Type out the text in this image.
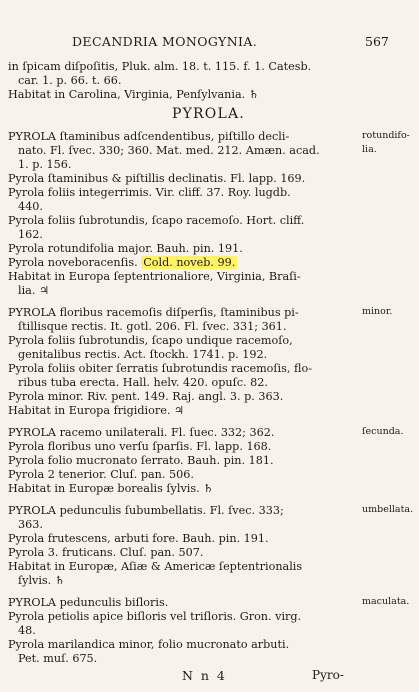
DECANDRIA MONOGYNIA.	567
in ſpicam diſpoſitis, Pluk. alm. 18. t. 115. f. 1. Catesb.
car. 1. p. 66. t. 66.
Habitat in Carolina, Virginia, Penſylvania. ♄
PYROLA.
PYROLA ſtaminibus adſcendentibus, piſtillo decli-
nato. Fl. ſvec. 330; 360. Mat. med. 212. Amæn. acad.
1. p. 156.
Pyrola ſtaminibus & piſtillis declinatis. Fl. lapp. 169.
Pyrola foliis integerrimis. Vir. cliff. 37. Roy. lugdb.
440.
Pyrola foliis ſubrotundis, ſcapo racemoſo. Hort. cliff.
162.
Pyrola rotundifolia major. Bauh. pin. 191.
Pyrola noveboracenſis. Cold. noveb. 99.
Habitat in Europa ſeptentrionaliore, Virginia, Braſi-
lia. ♃
PYROLA floribus racemoſis diſperſis, ſtaminibus pi-
ſtillisque rectis. It. gotl. 206. Fl. ſvec. 331; 361.
Pyrola foliis ſubrotundis, ſcapo undique racemoſo,
genitalibus rectis. Act. ſtockh. 1741. p. 192.
Pyrola foliis obiter ſerratis ſubrotundis racemoſis, flo-
ribus tuba erecta. Hall. helv. 420. opuſc. 82.
Pyrola minor. Riv. pent. 149. Raj. angl. 3. p. 363.
Habitat in Europa frigidiore. ♃
PYROLA racemo unilaterali. Fl. ſuec. 332; 362.
Pyrola floribus uno verſu ſparſis. Fl. lapp. 168.
Pyrola folio mucronato ſerrato. Bauh. pin. 181.
Pyrola 2 tenerior. Cluſ. pan. 506.
Habitat in Europæ borealis ſylvis. ♄
PYROLA pedunculis ſubumbellatis. Fl. ſvec. 333;
363.
Pyrola frutescens, arbuti fore. Bauh. pin. 191.
Pyrola 3. fruticans. Cluſ. pan. 507.
Habitat in Europæ, Aſiæ & Americæ ſeptentrionalis
ſylvis. ♄
PYROLA pedunculis biſloris.
Pyrola petiolis apice biſloris vel triſloris. Gron. virg.
48.
Pyrola marilandica minor, folio mucronato arbuti.
Pet. muſ. 675.
rotundifo-
lia.
minor.
ſecunda.
umbellata.
maculata.
N n 4	Pyro-
